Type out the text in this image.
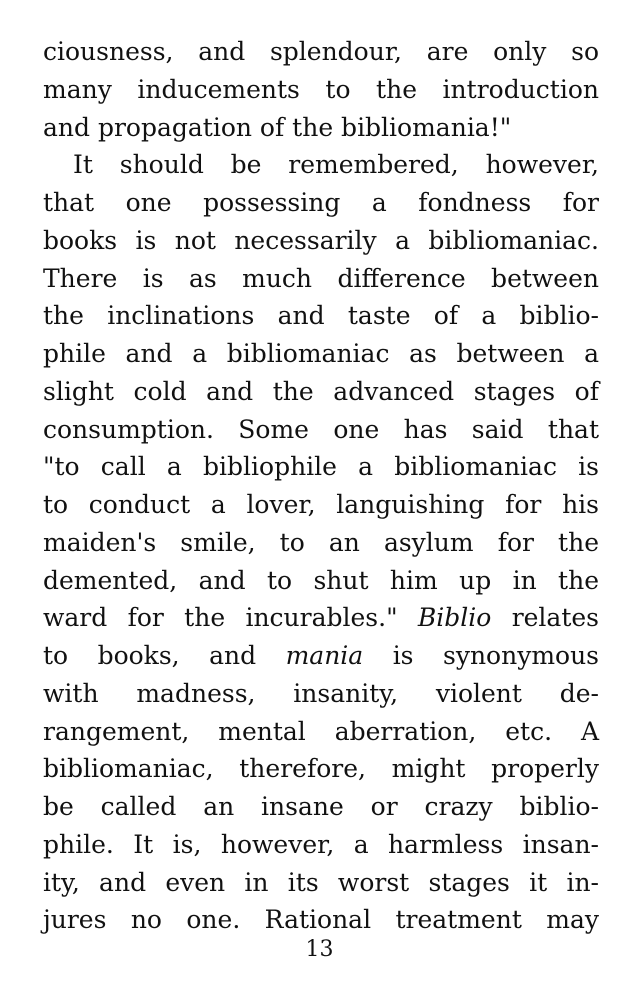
ciousness, and splendour, are only so
many inducements to the introduction
and propagation of the bibliomania!"
It should be remembered, however,
that one possessing a fondness for
books is not necessarily a bibliomaniac.
There is as much difference between
the inclinations and taste of a biblio-
phile and a bibliomaniac as between a
slight cold and the advanced stages of
consumption. Some one has said that
"to call a bibliophile a bibliomaniac is
to conduct a lover, languishing for his
maiden's smile, to an asylum for the
demented, and to shut him up in the
ward for the incurables." Biblio relates
to books, and mania is synonymous
with madness, insanity, violent de-
rangement, mental aberration, etc. A
bibliomaniac, therefore, might properly
be called an insane or crazy biblio-
phile. It is, however, a harmless insan-
ity, and even in its worst stages it in-
jures no one. Rational treatment may
13
